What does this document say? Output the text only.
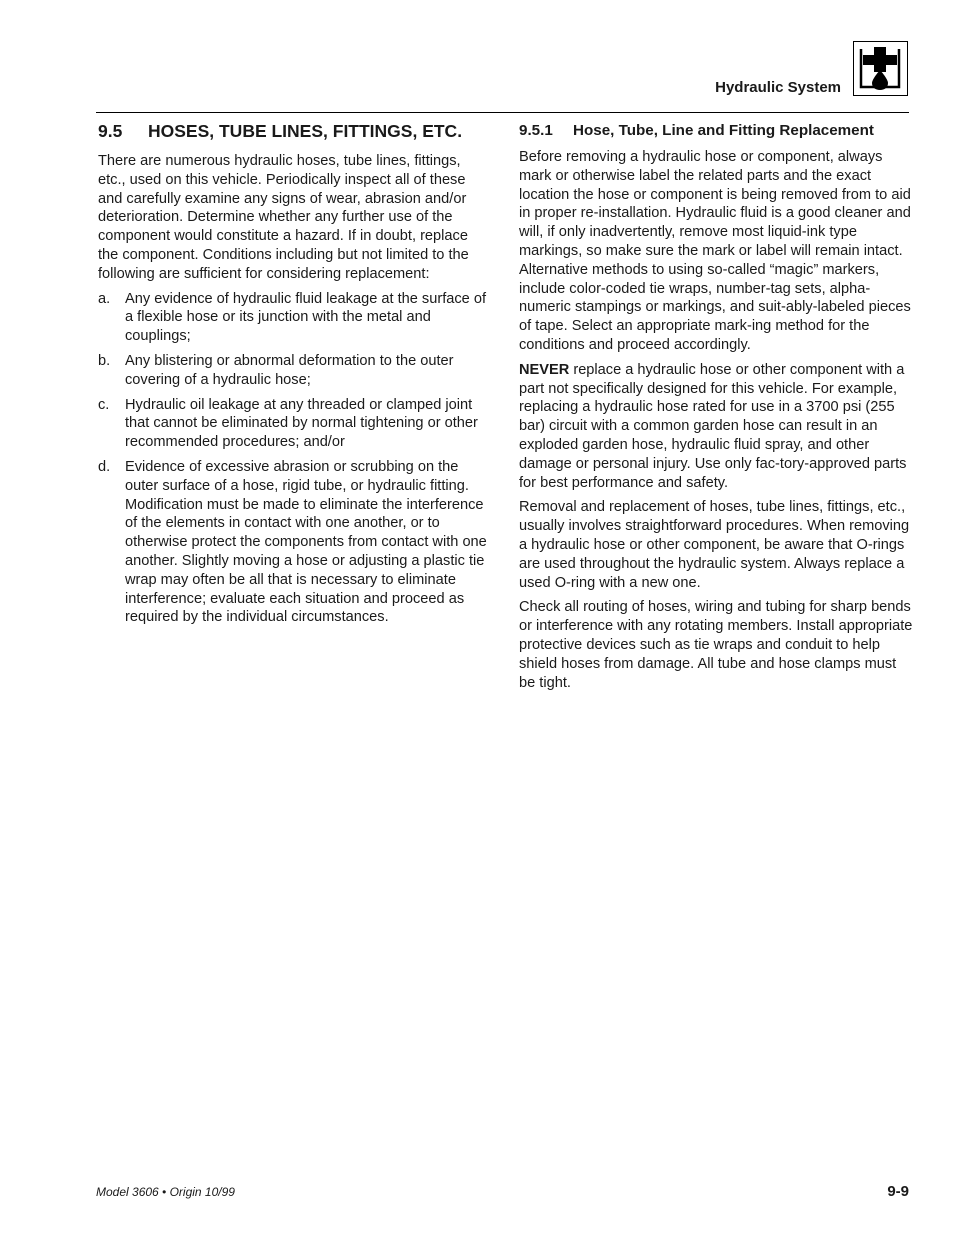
Hydraulic System
9.5 HOSES, TUBE LINES, FITTINGS, ETC.

There are numerous hydraulic hoses, tube lines, fittings, etc., used on this vehicle. Periodically inspect all of these and carefully examine any signs of wear, abrasion and/or deterioration. Determine whether any further use of the component would constitute a hazard. If in doubt, replace the component. Conditions including but not limited to the following are sufficient for considering replacement:

a. Any evidence of hydraulic fluid leakage at the surface of a flexible hose or its junction with the metal and couplings;
b. Any blistering or abnormal deformation to the outer covering of a hydraulic hose;
c. Hydraulic oil leakage at any threaded or clamped joint that cannot be eliminated by normal tightening or other recommended procedures; and/or
d. Evidence of excessive abrasion or scrubbing on the outer surface of a hose, rigid tube, or hydraulic fitting. Modification must be made to eliminate the interference of the elements in contact with one another, or to otherwise protect the components from contact with one another. Slightly moving a hose or adjusting a plastic tie wrap may often be all that is necessary to eliminate interference; evaluate each situation and proceed as required by the individual circumstances.
9.5.1 Hose, Tube, Line and Fitting Replacement

Before removing a hydraulic hose or component, always mark or otherwise label the related parts and the exact location the hose or component is being removed from to aid in proper re-installation. Hydraulic fluid is a good cleaner and will, if only inadvertently, remove most liquid-ink type markings, so make sure the mark or label will remain intact. Alternative methods to using so-called “magic” markers, include color-coded tie wraps, number-tag sets, alpha-numeric stampings or markings, and suit-ably-labeled pieces of tape. Select an appropriate mark-ing method for the conditions and proceed accordingly.

NEVER replace a hydraulic hose or other component with a part not specifically designed for this vehicle. For example, replacing a hydraulic hose rated for use in a 3700 psi (255 bar) circuit with a common garden hose can result in an exploded garden hose, hydraulic fluid spray, and other damage or personal injury. Use only fac-tory-approved parts for best performance and safety.

Removal and replacement of hoses, tube lines, fittings, etc., usually involves straightforward procedures. When removing a hydraulic hose or other component, be aware that O-rings are used throughout the hydraulic system. Always replace a used O-ring with a new one.

Check all routing of hoses, wiring and tubing for sharp bends or interference with any rotating members. Install appropriate protective devices such as tie wraps and conduit to help shield hoses from damage. All tube and hose clamps must be tight.

Model 3606 • Origin 10/99	9-9
